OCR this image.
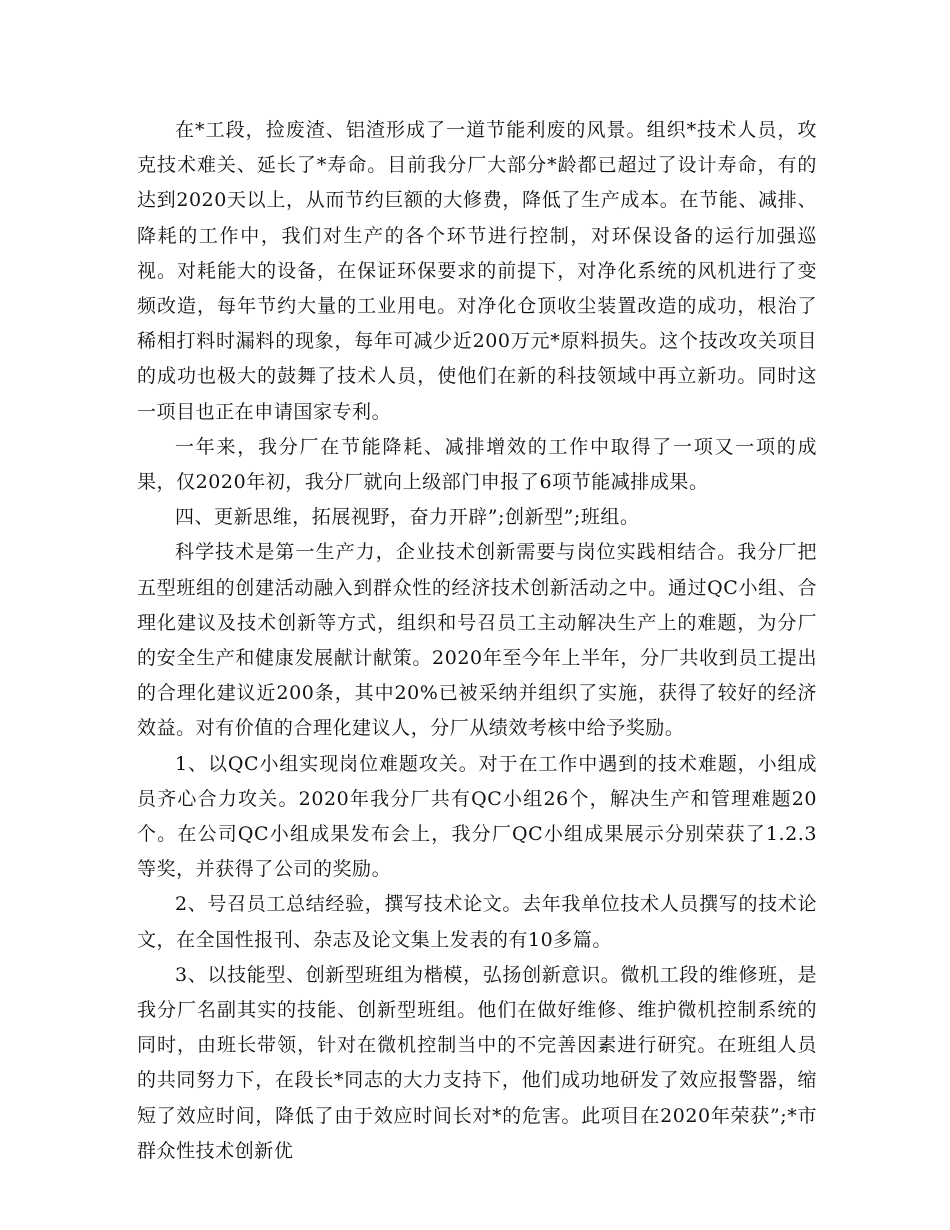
在*工段，捡废渣、铝渣形成了一道节能利废的风景。组织*技术人员，攻克技术难关、延长了*寿命。目前我分厂大部分*龄都已超过了设计寿命，有的达到2020天以上，从而节约巨额的大修费，降低了生产成本。在节能、减排、降耗的工作中，我们对生产的各个环节进行控制，对环保设备的运行加强巡视。对耗能大的设备，在保证环保要求的前提下，对净化系统的风机进行了变频改造，每年节约大量的工业用电。对净化仓顶收尘装置改造的成功，根治了稀相打料时漏料的现象，每年可减少近200万元*原料损失。这个技改攻关项目的成功也极大的鼓舞了技术人员，使他们在新的科技领域中再立新功。同时这一项目也正在申请国家专利。

一年来，我分厂在节能降耗、减排增效的工作中取得了一项又一项的成果，仅2020年初，我分厂就向上级部门申报了6项节能减排成果。

四、更新思维，拓展视野，奋力开辟”;创新型”;班组。

科学技术是第一生产力，企业技术创新需要与岗位实践相结合。我分厂把五型班组的创建活动融入到群众性的经济技术创新活动之中。通过QC小组、合理化建议及技术创新等方式，组织和号召员工主动解决生产上的难题，为分厂的安全生产和健康发展献计献策。2020年至今年上半年，分厂共收到员工提出的合理化建议近200条，其中20%已被采纳并组织了实施，获得了较好的经济效益。对有价值的合理化建议人，分厂从绩效考核中给予奖励。

1、以QC小组实现岗位难题攻关。对于在工作中遇到的技术难题，小组成员齐心合力攻关。2020年我分厂共有QC小组26个，解决生产和管理难题20个。在公司QC小组成果发布会上，我分厂QC小组成果展示分别荣获了1.2.3等奖，并获得了公司的奖励。

2、号召员工总结经验，撰写技术论文。去年我单位技术人员撰写的技术论文，在全国性报刊、杂志及论文集上发表的有10多篇。

3、以技能型、创新型班组为楷模，弘扬创新意识。微机工段的维修班，是我分厂名副其实的技能、创新型班组。他们在做好维修、维护微机控制系统的同时，由班长带领，针对在微机控制当中的不完善因素进行研究。在班组人员的共同努力下，在段长*同志的大力支持下，他们成功地研发了效应报警器，缩短了效应时间，降低了由于效应时间长对*的危害。此项目在2020年荣获”;*市群众性技术创新优
